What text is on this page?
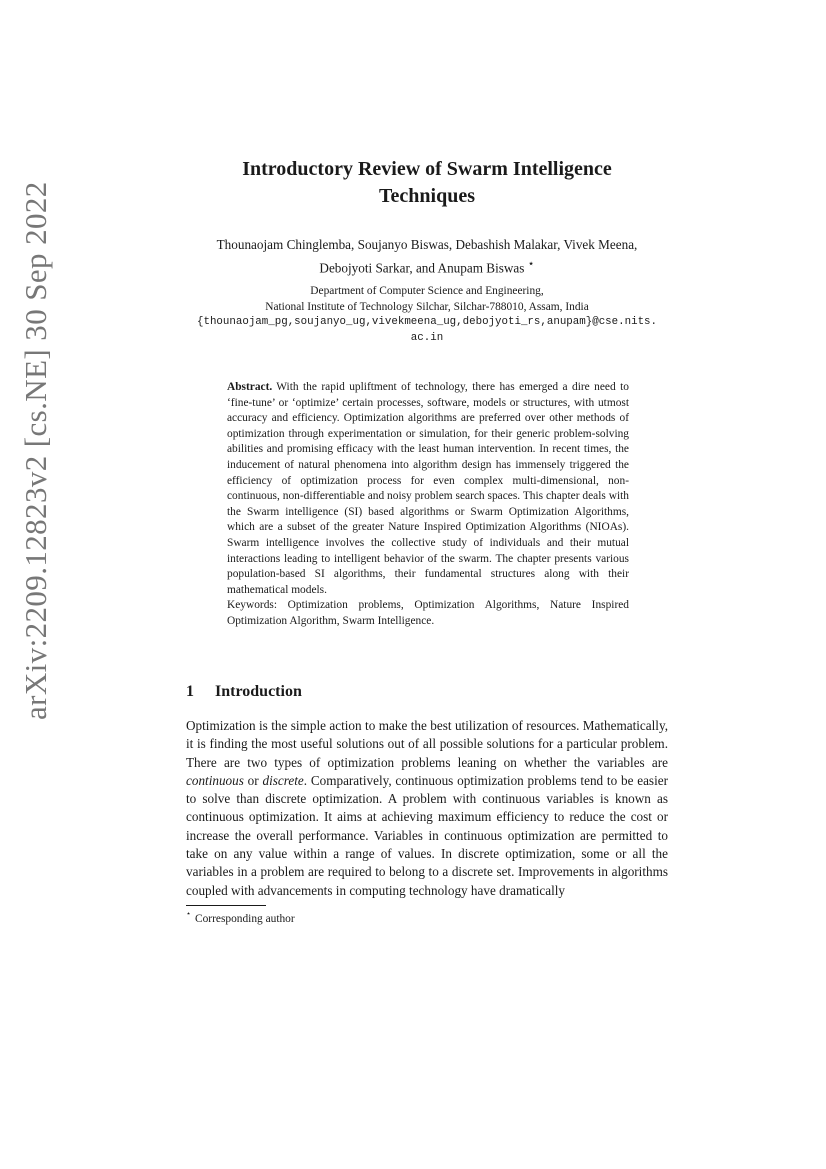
arXiv:2209.12823v2 [cs.NE] 30 Sep 2022
Introductory Review of Swarm Intelligence
Techniques
Thounaojam Chinglemba, Soujanyo Biswas, Debashish Malakar, Vivek Meena,
Debojyoti Sarkar, and Anupam Biswas ⋆
Department of Computer Science and Engineering,
National Institute of Technology Silchar, Silchar-788010, Assam, India
{thounaojam_pg,soujanyo_ug,vivekmeena_ug,debojyoti_rs,anupam}@cse.nits.
ac.in

Abstract. With the rapid upliftment of technology, there has emerged a dire need to ‘fine-tune’ or ‘optimize’ certain processes, software, models or structures, with utmost accuracy and efficiency. Optimization algorithms are preferred over other methods of optimization through experimentation or simulation, for their generic problem-solving abilities and promising efficacy with the least human intervention. In recent times, the inducement of natural phenomena into algorithm design has immensely triggered the efficiency of optimization process for even complex multi-dimensional, non-continuous, non-differentiable and noisy problem search spaces. This chapter deals with the Swarm intelligence (SI) based algorithms or Swarm Optimization Algorithms, which are a subset of the greater Nature Inspired Optimization Algorithms (NIOAs). Swarm intelligence involves the collective study of individuals and their mutual interactions leading to intelligent behavior of the swarm. The chapter presents various population-based SI algorithms, their fundamental structures along with their mathematical models.

Keywords: Optimization problems, Optimization Algorithms, Nature Inspired Optimization Algorithm, Swarm Intelligence.

1 Introduction

Optimization is the simple action to make the best utilization of resources. Mathematically, it is finding the most useful solutions out of all possible solutions for a particular problem. There are two types of optimization problems leaning on whether the variables are continuous or discrete. Comparatively, continuous optimization problems tend to be easier to solve than discrete optimization. A problem with continuous variables is known as continuous optimization. It aims at achieving maximum efficiency to reduce the cost or increase the overall performance. Variables in continuous optimization are permitted to take on any value within a range of values. In discrete optimization, some or all the variables in a problem are required to belong to a discrete set. Improvements in algorithms coupled with advancements in computing technology have dramatically

⋆ Corresponding author
